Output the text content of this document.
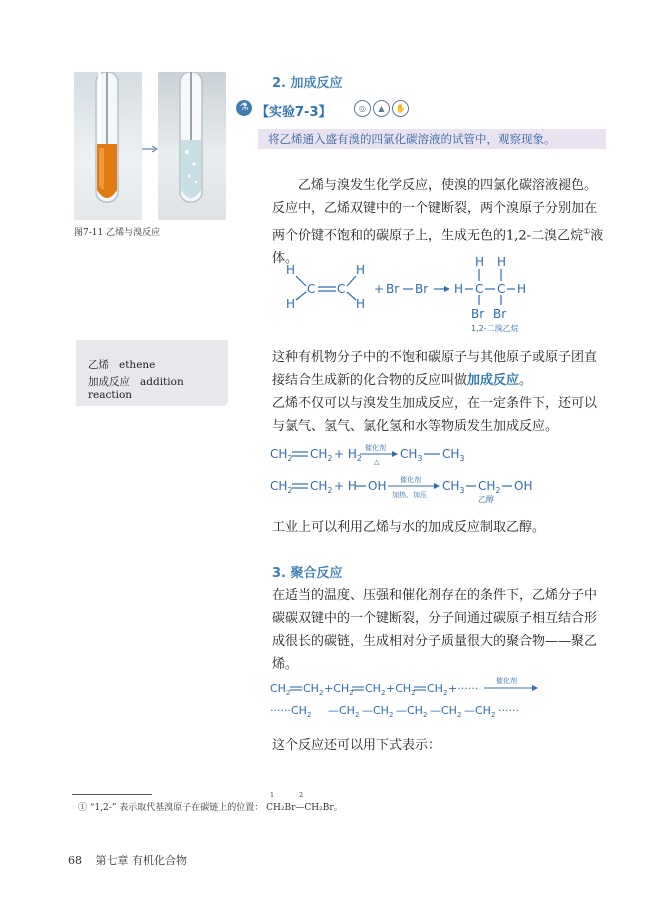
图7-11 乙烯与溴反应
乙烯 ethene
加成反应 addition reaction
2. 加成反应
⚗ 【实验7-3】	◎	▲	✋
将乙烯通入盛有溴的四氯化碳溶液的试管中，观察现象。
乙烯与溴发生化学反应，使溴的四氯化碳溶液褪色。反应中，乙烯双键中的一个键断裂，两个溴原子分别加在两个价键不饱和的碳原子上，生成无色的1,2-二溴乙烷①液体。
H
H
C C
H
H
+ Br Br H C C H
H H
Br Br
1,2-二溴乙烷
这种有机物分子中的不饱和碳原子与其他原子或原子团直接结合生成新的化合物的反应叫做加成反应。
乙烯不仅可以与溴发生加成反应，在一定条件下，还可以与氯气、氢气、氯化氢和水等物质发生加成反应。
$CH_2$ $CH_2 + H_2$	$CH_3$ $CH_3$
$CH_2$ $CH_2 + H$ OH	$CH_3$ $CH_2$ OH
催化剂
△
催化剂
加热、加压	乙醇
工业上可以利用乙烯与水的加成反应制取乙醇。
3. 聚合反应
在适当的温度、压强和催化剂存在的条件下，乙烯分子中碳碳双键中的一个键断裂，分子间通过碳原子相互结合形成很长的碳链，生成相对分子质量很大的聚合物——聚乙烯。
$CH_2$ $CH_2 +CH_2$ $CH_2 +CH_2$ $CH_2$ +······
$\cdot\cdot\cdot\cdot\cdot\cdot CH_2$ $—CH_2$ $—CH_2$ $—CH_2$ $—CH_2$ $—CH_2$ ······
催化剂
这个反应还可以用下式表示：
① “1,2-” 表示取代基溴原子在碳链上的位置：
1	2
CH₂Br—CH₂Br。
68 第七章 有机化合物
